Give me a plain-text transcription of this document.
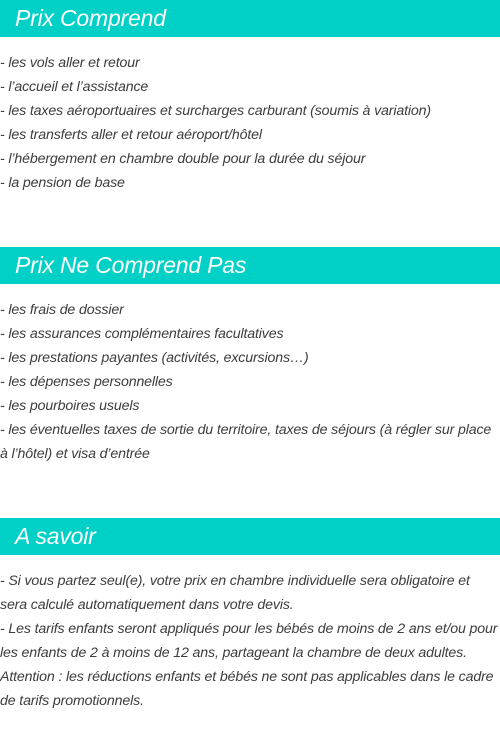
Prix Comprend
- les vols aller et retour
- l’accueil et l’assistance
- les taxes aéroportuaires et surcharges carburant (soumis à variation)
- les transferts aller et retour aéroport/hôtel
- l’hébergement en chambre double pour la durée du séjour
- la pension de base
Prix Ne Comprend Pas
- les frais de dossier
- les assurances complémentaires facultatives
- les prestations payantes (activités, excursions…)
- les dépenses personnelles
- les pourboires usuels
- les éventuelles taxes de sortie du territoire, taxes de séjours (à régler sur place
à l’hôtel) et visa d’entrée
A savoir
- Si vous partez seul(e), votre prix en chambre individuelle sera obligatoire et
sera calculé automatiquement dans votre devis.
- Les tarifs enfants seront appliqués pour les bébés de moins de 2 ans et/ou pour
les enfants de 2 à moins de 12 ans, partageant la chambre de deux adultes.
Attention : les réductions enfants et bébés ne sont pas applicables dans le cadre
de tarifs promotionnels.
